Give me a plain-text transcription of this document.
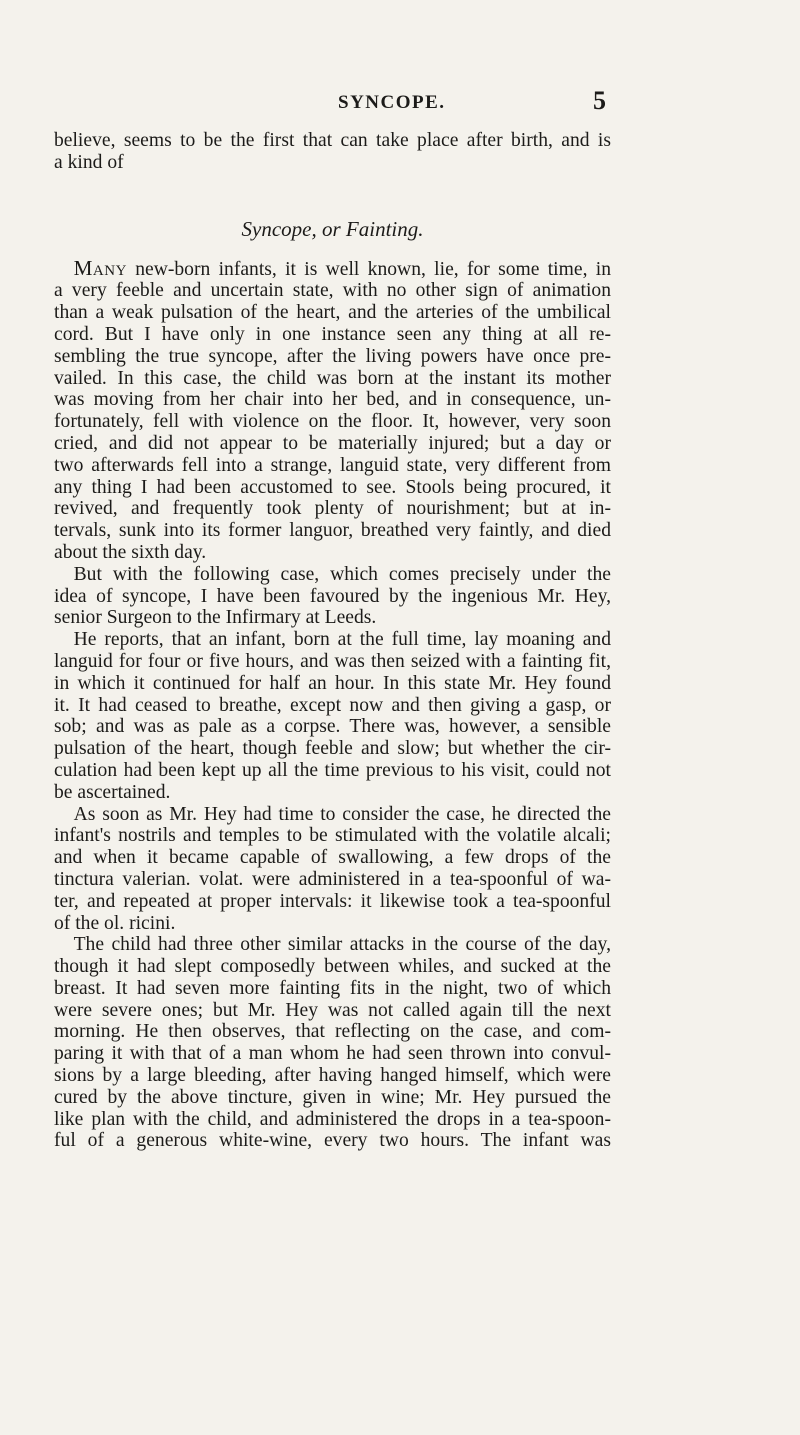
SYNCOPE.	5
believe, seems to be the first that can take place after birth, and is
a kind of
Syncope, or Fainting.
Many new-born infants, it is well known, lie, for some time, in
a very feeble and uncertain state, with no other sign of animation
than a weak pulsation of the heart, and the arteries of the umbilical
cord. But I have only in one instance seen any thing at all re-
sembling the true syncope, after the living powers have once pre-
vailed. In this case, the child was born at the instant its mother
was moving from her chair into her bed, and in consequence, un-
fortunately, fell with violence on the floor. It, however, very soon
cried, and did not appear to be materially injured; but a day or
two afterwards fell into a strange, languid state, very different from
any thing I had been accustomed to see. Stools being procured, it
revived, and frequently took plenty of nourishment; but at in-
tervals, sunk into its former languor, breathed very faintly, and died
about the sixth day.
But with the following case, which comes precisely under the
idea of syncope, I have been favoured by the ingenious Mr. Hey,
senior Surgeon to the Infirmary at Leeds.
He reports, that an infant, born at the full time, lay moaning and
languid for four or five hours, and was then seized with a fainting fit,
in which it continued for half an hour. In this state Mr. Hey found
it. It had ceased to breathe, except now and then giving a gasp, or
sob; and was as pale as a corpse. There was, however, a sensible
pulsation of the heart, though feeble and slow; but whether the cir-
culation had been kept up all the time previous to his visit, could not
be ascertained.
As soon as Mr. Hey had time to consider the case, he directed the
infant's nostrils and temples to be stimulated with the volatile alcali;
and when it became capable of swallowing, a few drops of the
tinctura valerian. volat. were administered in a tea-spoonful of wa-
ter, and repeated at proper intervals: it likewise took a tea-spoonful
of the ol. ricini.
The child had three other similar attacks in the course of the day,
though it had slept composedly between whiles, and sucked at the
breast. It had seven more fainting fits in the night, two of which
were severe ones; but Mr. Hey was not called again till the next
morning. He then observes, that reflecting on the case, and com-
paring it with that of a man whom he had seen thrown into convul-
sions by a large bleeding, after having hanged himself, which were
cured by the above tincture, given in wine; Mr. Hey pursued the
like plan with the child, and administered the drops in a tea-spoon-
ful of a generous white-wine, every two hours. The infant was
